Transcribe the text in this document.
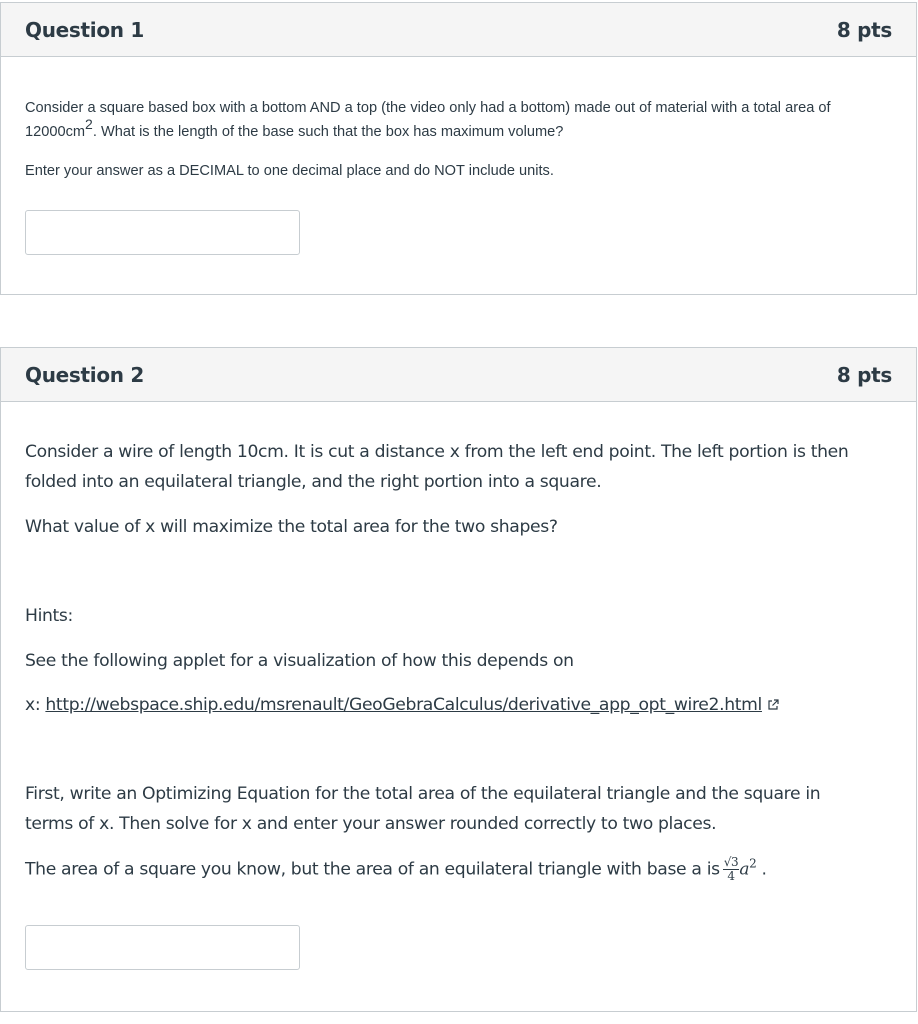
Question 1	8 pts

Consider a square based box with a bottom AND a top (the video only had a bottom) made out of material with a total area of $12000cm^2$. What is the length of the base such that the box has maximum volume?

Enter your answer as a DECIMAL to one decimal place and do NOT include units.

Question 2	8 pts

Consider a wire of length 10cm. It is cut a distance x from the left end point. The left portion is then

folded into an equilateral triangle, and the right portion into a square.

What value of x will maximize the total area for the two shapes?

Hints:

See the following applet for a visualization of how this depends on

x: http://webspace.ship.edu/msrenault/GeoGebraCalculus/derivative_app_opt_wire2.html

First, write an Optimizing Equation for the total area of the equilateral triangle and the square in

terms of x. Then solve for x and enter your answer rounded correctly to two places.

The area of a square you know, but the area of an equilateral triangle with base a is $\frac{√3}{4} a^2$ .
